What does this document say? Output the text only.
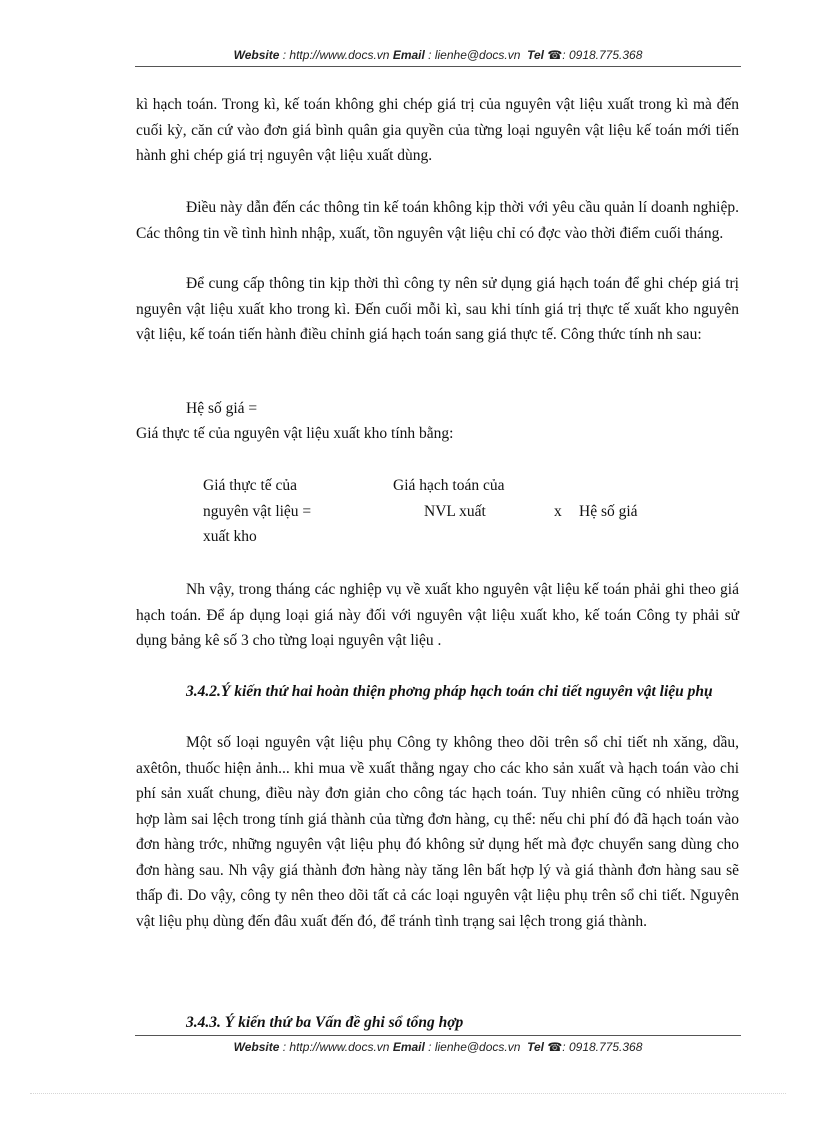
Website : http://www.docs.vn Email : lienhe@docs.vn Tel ☎: 0918.775.368
kì hạch toán. Trong kì, kế toán không ghi chép giá trị của nguyên vật liệu xuất trong kì mà đến cuối kỳ, căn cứ vào đơn giá bình quân gia quyền của từng loại nguyên vật liệu kế toán mới tiến hành ghi chép giá trị nguyên vật liệu xuất dùng.
Điều này dẫn đến các thông tin kế toán không kịp thời với yêu cầu quản lí doanh nghiệp. Các thông tin về tình hình nhập, xuất, tồn nguyên vật liệu chỉ có đợc vào thời điểm cuối tháng.
Để cung cấp thông tin kịp thời thì công ty nên sử dụng giá hạch toán để ghi chép giá trị nguyên vật liệu xuất kho trong kì. Đến cuối mỗi kì, sau khi tính giá trị thực tế xuất kho nguyên vật liệu, kế toán tiến hành điều chỉnh giá hạch toán sang giá thực tế. Công thức tính nh sau:
Hệ số giá =
Giá thực tế của nguyên vật liệu xuất kho tính bằng:
Giá thực tế của	Giá hạch toán của
nguyên vật liệu =	NVL xuất	x Hệ số giá
xuất kho
Nh vậy, trong tháng các nghiệp vụ về xuất kho nguyên vật liệu kế toán phải ghi theo giá hạch toán. Để áp dụng loại giá này đối với nguyên vật liệu xuất kho, kế toán Công ty phải sử dụng bảng kê số 3 cho từng loại nguyên vật liệu .
3.4.2.Ý kiến thứ hai hoàn thiện phơng pháp hạch toán chi tiết nguyên vật liệu phụ
Một số loại nguyên vật liệu phụ Công ty không theo dõi trên sổ chỉ tiết nh xăng, dầu, axêtôn, thuốc hiện ảnh... khi mua về xuất thẳng ngay cho các kho sản xuất và hạch toán vào chi phí sản xuất chung, điều này đơn giản cho công tác hạch toán. Tuy nhiên cũng có nhiều trờng hợp làm sai lệch trong tính giá thành của từng đơn hàng, cụ thể: nếu chi phí đó đã hạch toán vào đơn hàng trớc, những nguyên vật liệu phụ đó không sử dụng hết mà đợc chuyển sang dùng cho đơn hàng sau. Nh vậy giá thành đơn hàng này tăng lên bất hợp lý và giá thành đơn hàng sau sẽ thấp đi. Do vậy, công ty nên theo dõi tất cả các loại nguyên vật liệu phụ trên sổ chi tiết. Nguyên vật liệu phụ dùng đến đâu xuất đến đó, để tránh tình trạng sai lệch trong giá thành.
3.4.3. Ý kiến thứ ba Vấn đề ghi sổ tổng hợp
Website : http://www.docs.vn Email : lienhe@docs.vn Tel ☎: 0918.775.368
